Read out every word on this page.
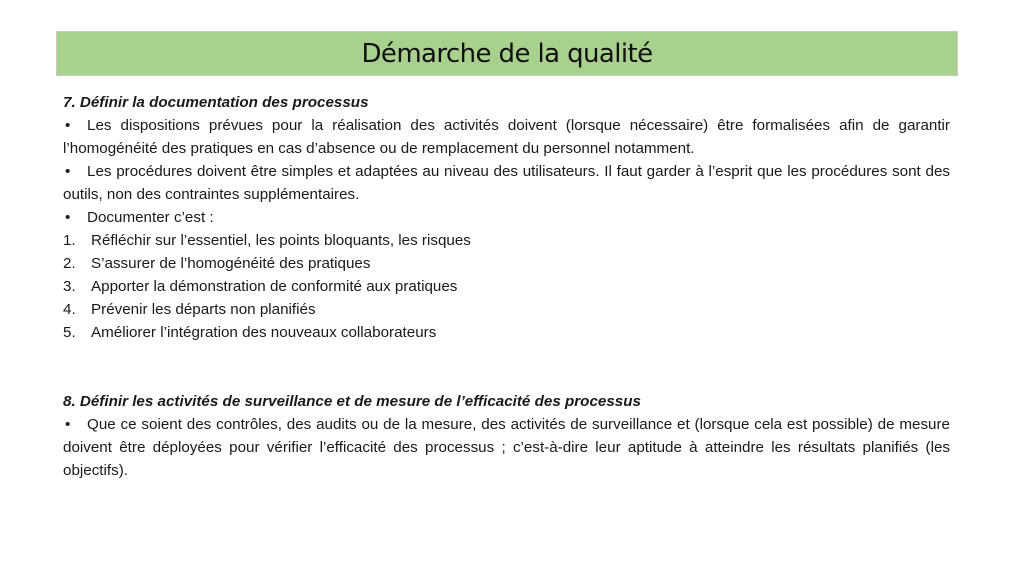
Démarche de la qualité

7. Définir la documentation des processus

• Les dispositions prévues pour la réalisation des activités doivent (lorsque nécessaire) être formalisées afin de garantir l’homogénéité des pratiques en cas d’absence ou de remplacement du personnel notamment.

• Les procédures doivent être simples et adaptées au niveau des utilisateurs. Il faut garder à l’esprit que les procédures sont des outils, non des contraintes supplémentaires.

• Documenter c’est :

1. Réfléchir sur l’essentiel, les points bloquants, les risques
2. S’assurer de l’homogénéité des pratiques
3. Apporter la démonstration de conformité aux pratiques
4. Prévenir les départs non planifiés
5. Améliorer l’intégration des nouveaux collaborateurs

8. Définir les activités de surveillance et de mesure de l’efficacité des processus

• Que ce soient des contrôles, des audits ou de la mesure, des activités de surveillance et (lorsque cela est possible) de mesure doivent être déployées pour vérifier l’efficacité des processus ; c’est-à-dire leur aptitude à atteindre les résultats planifiés (les objectifs).
